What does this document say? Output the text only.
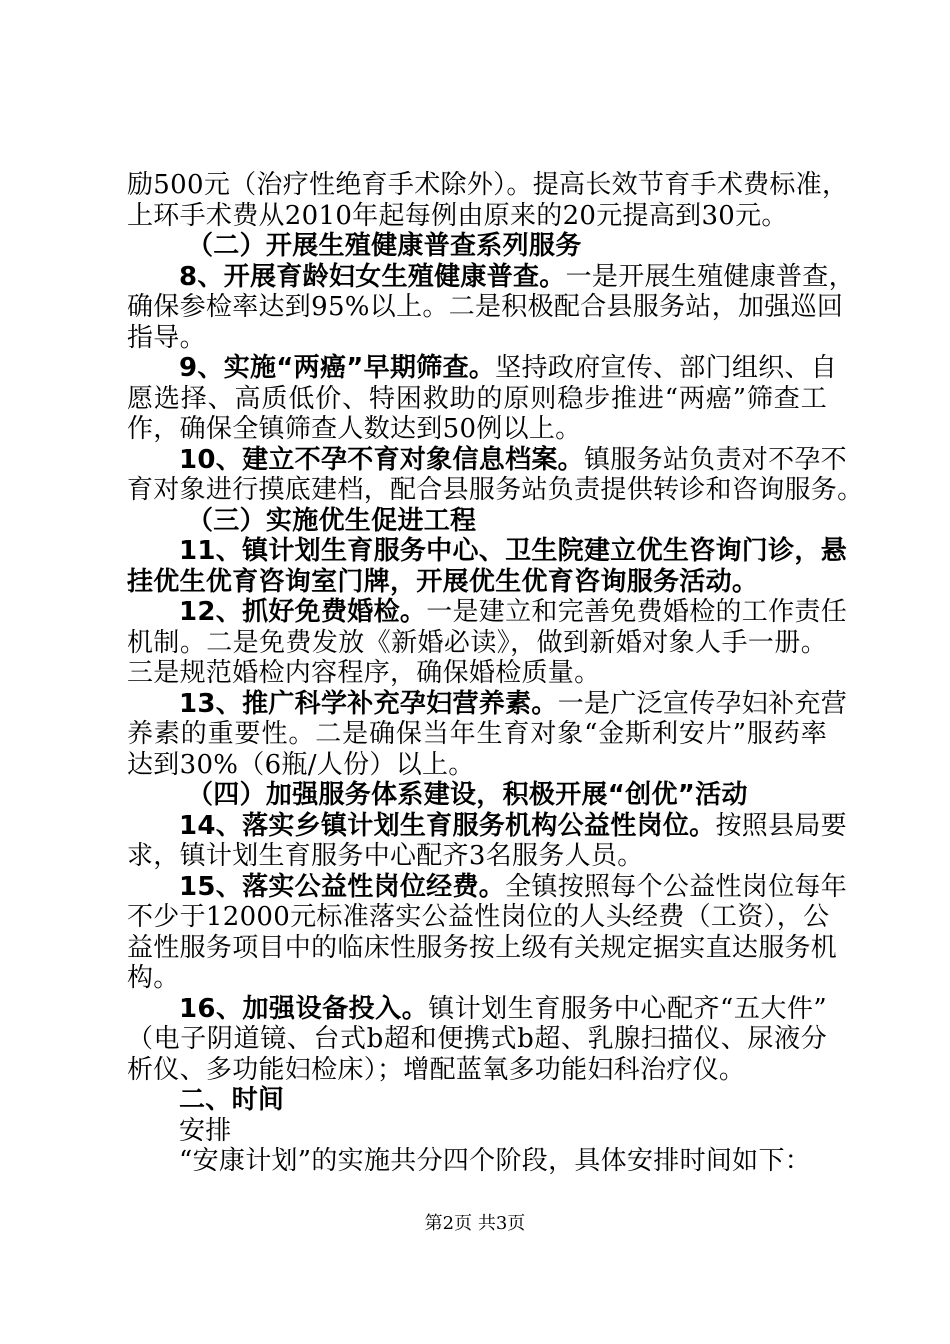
励500元（治疗性绝育手术除外）。提高长效节育手术费标准，
上环手术费从2010年起每例由原来的20元提高到30元。
（二）开展生殖健康普查系列服务
8、开展育龄妇女生殖健康普查。一是开展生殖健康普查，
确保参检率达到95%以上。二是积极配合县服务站，加强巡回
指导。
9、实施“两癌”早期筛查。坚持政府宣传、部门组织、自
愿选择、高质低价、特困救助的原则稳步推进“两癌”筛查工
作，确保全镇筛查人数达到50例以上。
10、建立不孕不育对象信息档案。镇服务站负责对不孕不
育对象进行摸底建档，配合县服务站负责提供转诊和咨询服务。
（三）实施优生促进工程
11、镇计划生育服务中心、卫生院建立优生咨询门诊，悬
挂优生优育咨询室门牌，开展优生优育咨询服务活动。
12、抓好免费婚检。一是建立和完善免费婚检的工作责任
机制。二是免费发放《新婚必读》，做到新婚对象人手一册。
三是规范婚检内容程序，确保婚检质量。
13、推广科学补充孕妇营养素。一是广泛宣传孕妇补充营
养素的重要性。二是确保当年生育对象“金斯利安片”服药率
达到30%（6瓶/人份）以上。
（四）加强服务体系建设，积极开展“创优”活动
14、落实乡镇计划生育服务机构公益性岗位。按照县局要
求，镇计划生育服务中心配齐3名服务人员。
15、落实公益性岗位经费。全镇按照每个公益性岗位每年
不少于12000元标准落实公益性岗位的人头经费（工资），公
益性服务项目中的临床性服务按上级有关规定据实直达服务机
构。
16、加强设备投入。镇计划生育服务中心配齐“五大件”
（电子阴道镜、台式b超和便携式b超、乳腺扫描仪、尿液分
析仪、多功能妇检床）；增配蓝氧多功能妇科治疗仪。
二、时间
安排
“安康计划”的实施共分四个阶段，具体安排时间如下：
第2页 共3页
